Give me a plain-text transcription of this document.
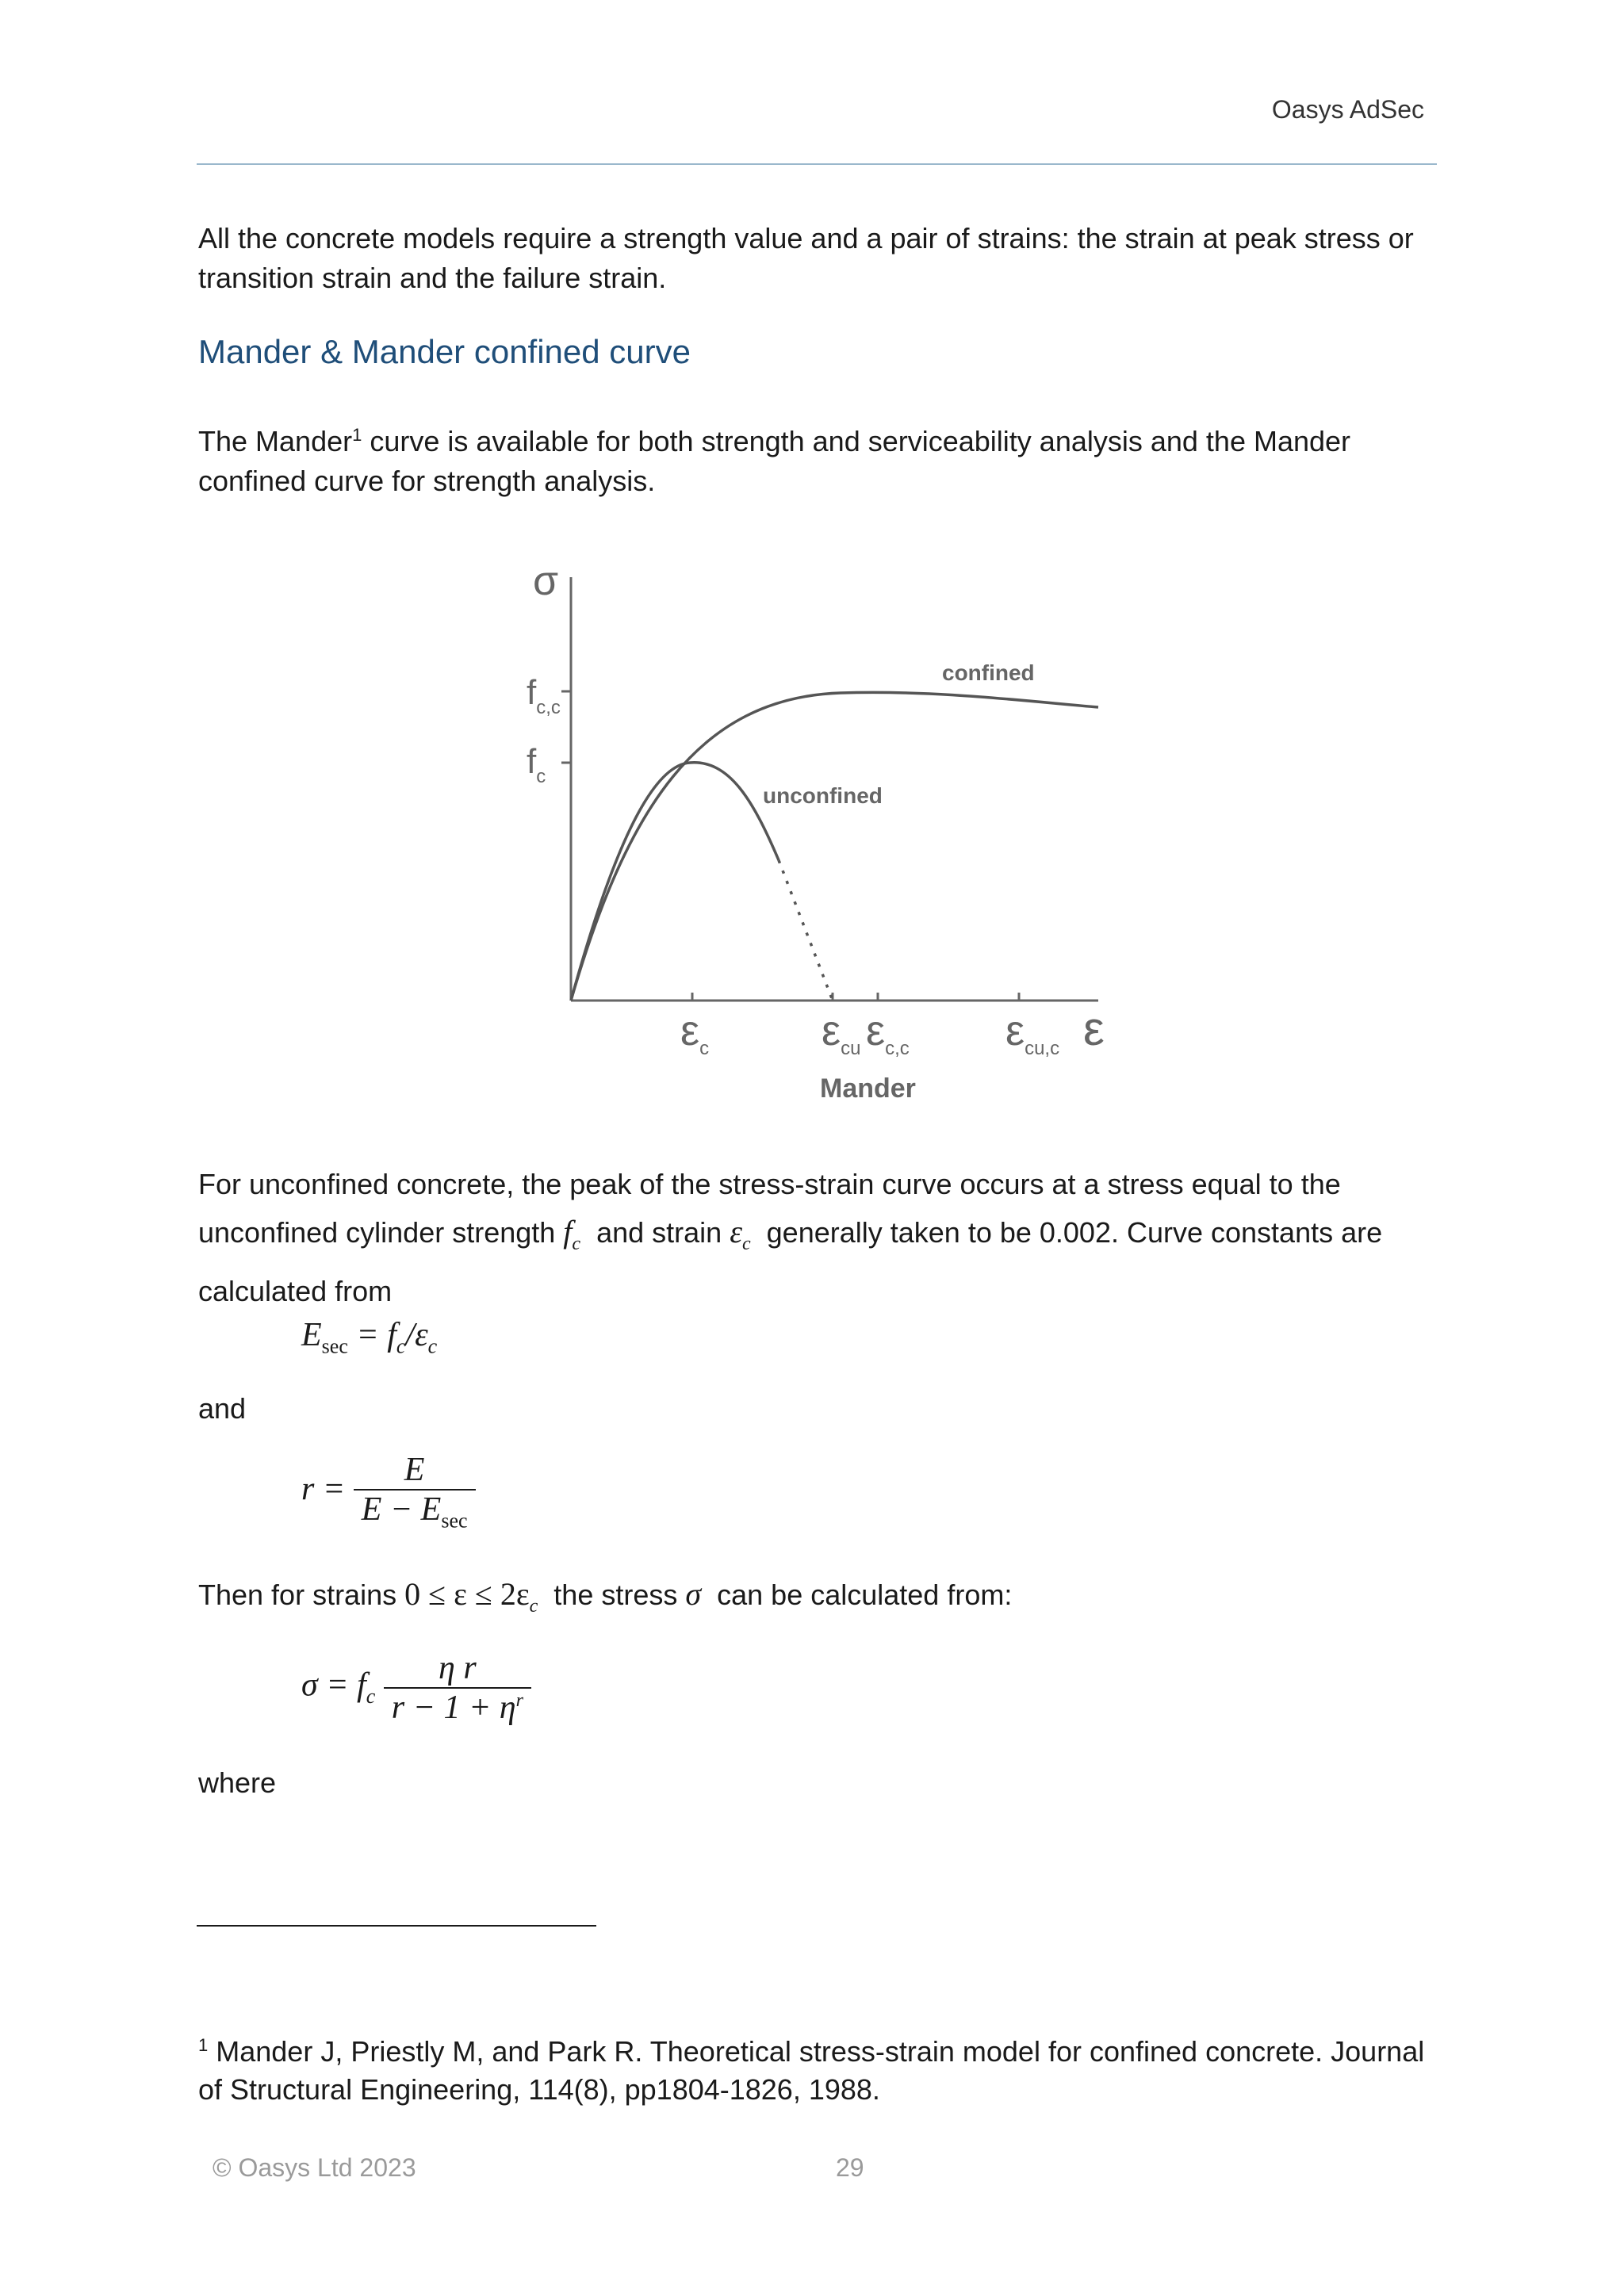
Oasys AdSec

All the concrete models require a strength value and a pair of strains: the strain at peak stress or transition strain and the failure strain.

Mander & Mander confined curve

The Mander$^1$ curve is available for both strength and serviceability analysis and the Mander confined curve for strength analysis.

σ
ε
$f_{c,c}$
$f_c$
$\varepsilon_c$	$\varepsilon_{cu}$ $\varepsilon_{c,c}$ $\varepsilon_{cu,c}$
confined
unconfined
Mander

For unconfined concrete, the peak of the stress-strain curve occurs at a stress equal to the unconfined cylinder strength $f_c$ and strain $\varepsilon_c$ generally taken to be 0.002. Curve constants are calculated from

$E_{sec} = f_c/\varepsilon_c$

and

$r = \frac{E}{E - E_{sec}}$

Then for strains $0 \le \varepsilon \le 2\varepsilon_c$ the stress σ can be calculated from:

$\sigma = f_c \frac{\text{η r}}{r - 1 + \eta^r}$

where

$^1$ Mander J, Priestly M, and Park R. Theoretical stress-strain model for confined concrete. Journal of Structural Engineering, 114(8), pp1804-1826, 1988.
© Oasys Ltd 2023	29
